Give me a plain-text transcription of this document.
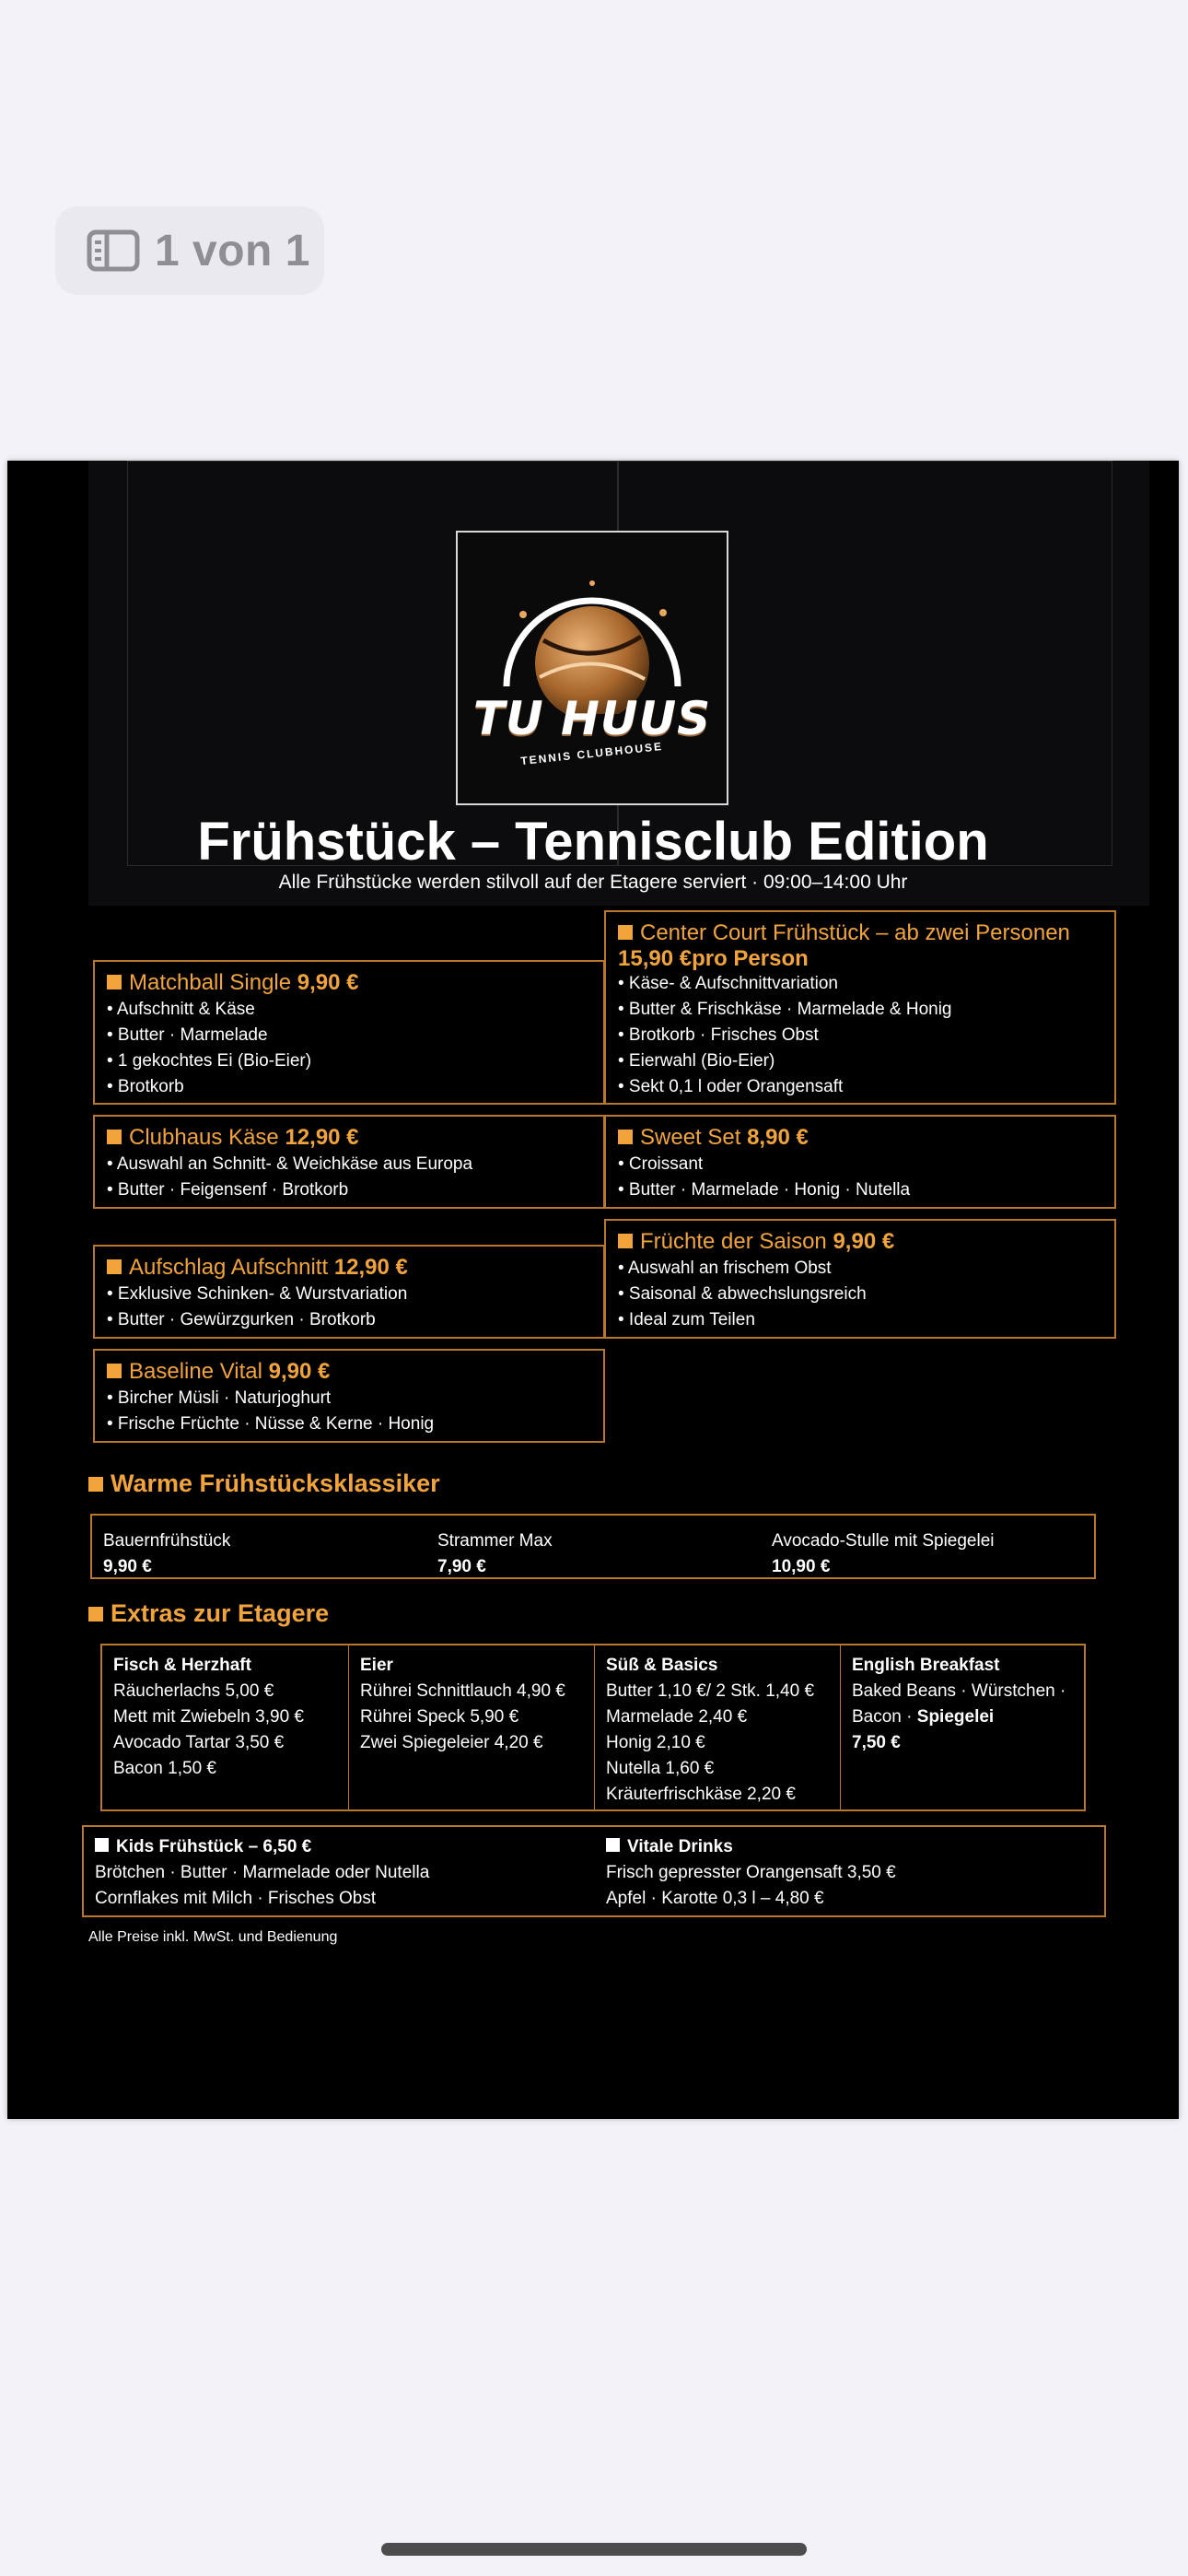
1 von 1
TU HUUS
TENNIS CLUBHOUSE
Frühstück – Tennisclub Edition
Alle Frühstücke werden stilvoll auf der Etagere serviert · 09:00–14:00 Uhr
Matchball Single 9,90 €
• Aufschnitt & Käse
• Butter · Marmelade
• 1 gekochtes Ei (Bio-Eier)
• Brotkorb
Center Court Frühstück – ab zwei Personen
15,90 €pro Person
• Käse- & Aufschnittvariation
• Butter & Frischkäse · Marmelade & Honig
• Brotkorb · Frisches Obst
• Eierwahl (Bio-Eier)
• Sekt 0,1 l oder Orangensaft
Clubhaus Käse 12,90 €
• Auswahl an Schnitt- & Weichkäse aus Europa
• Butter · Feigensenf · Brotkorb
Sweet Set 8,90 €
• Croissant
• Butter · Marmelade · Honig · Nutella
Früchte der Saison 9,90 €
• Auswahl an frischem Obst
• Saisonal & abwechslungsreich
• Ideal zum Teilen
Aufschlag Aufschnitt 12,90 €
• Exklusive Schinken- & Wurstvariation
• Butter · Gewürzgurken · Brotkorb
Baseline Vital 9,90 €
• Bircher Müsli · Naturjoghurt
• Frische Früchte · Nüsse & Kerne · Honig
Warme Frühstücksklassiker
Bauernfrühstück
9,90 €
Strammer Max
7,90 €
Avocado-Stulle mit Spiegelei
10,90 €
Extras zur Etagere
Fisch & Herzhaft
Räucherlachs 5,00 €
Mett mit Zwiebeln 3,90 €
Avocado Tartar 3,50 €
Bacon 1,50 €
Eier
Rührei Schnittlauch 4,90 €
Rührei Speck 5,90 €
Zwei Spiegeleier 4,20 €
Süß & Basics
Butter 1,10 €/ 2 Stk. 1,40 €
Marmelade 2,40 €
Honig 2,10 €
Nutella 1,60 €
Kräuterfrischkäse 2,20 €
English Breakfast
Baked Beans · Würstchen ·
Bacon · Spiegelei
7,50 €
Kids Frühstück – 6,50 €
Brötchen · Butter · Marmelade oder Nutella
Cornflakes mit Milch · Frisches Obst
Vitale Drinks
Frisch gepresster Orangensaft 3,50 €
Apfel · Karotte 0,3 l – 4,80 €
Alle Preise inkl. MwSt. und Bedienung
